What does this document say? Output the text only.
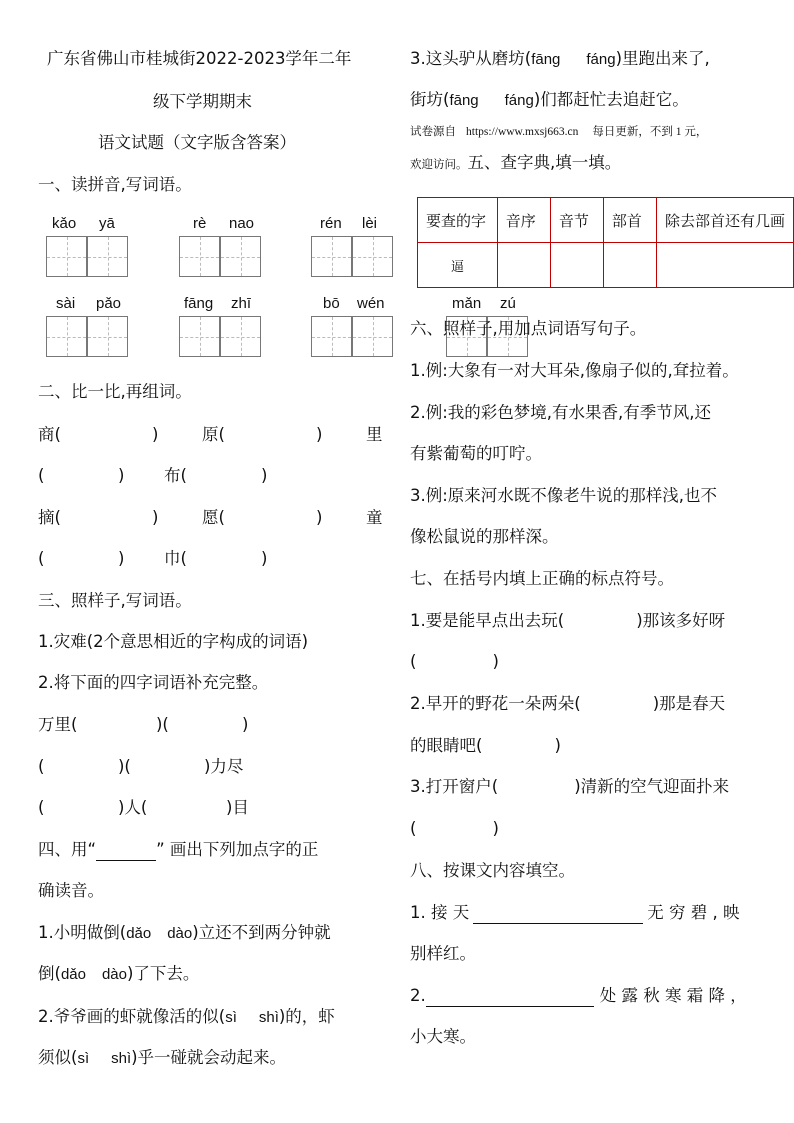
广东省佛山市桂城街2022-2023学年二年
级下学期期末
语文试题（文字版含答案）
一、读拼音,写词语。
kǎo yā	rè nao	rén lèi
sài pǎo	fāng zhī	bō wén
二、比一比,再组词。
商(	)	原(	)	里
(	) 布(	)
摘(	)	愿(	)	童
(	) 巾(	)
三、照样子,写词语。
1.灾难(2个意思相近的字构成的词语)
2.将下面的四字词语补充完整。
万里(	)(	)
(	)(	)力尽
(	)人(	)目
四、用“	” 画出下列加点字的正
确读音。
1.小明做倒(dǎo dào)立还不到两分钟就
倒(dǎo dào)了下去。
2.爷爷画的虾就像活的似(sì shì)的，虾
须似(sì shì)乎一碰就会动起来。
3.这头驴从磨坊(fāng fáng)里跑出来了,
街坊(fāng fáng)们都赶忙去追赶它。
试卷源自 https://www.mxsj663.cn 每日更新，不到 1 元，
欢迎访问。五、查字典,填一填。
要查的字	音序	音节	部首	除去部首还有几画
逼				
mǎn zú
六、照样子,用加点词语写句子。
1.例:大象有一对大耳朵,像扇子似的,耷拉着。
2.例:我的彩色梦境,有水果香,有季节风,还
有紫葡萄的叮咛。
3.例:原来河水既不像老牛说的那样浅,也不
像松鼠说的那样深。
七、在括号内填上正确的标点符号。
1.要是能早点出去玩(	)那该多好呀
(	)
2.早开的野花一朵两朵(	)那是春天
的眼睛吧(	)
3.打开窗户(	)清新的空气迎面扑来
(	)
八、按课文内容填空。
1. 接 天	无 穷 碧 , 映
别样红。
2.	处 露 秋 寒 霜 降 ，
小大寒。
